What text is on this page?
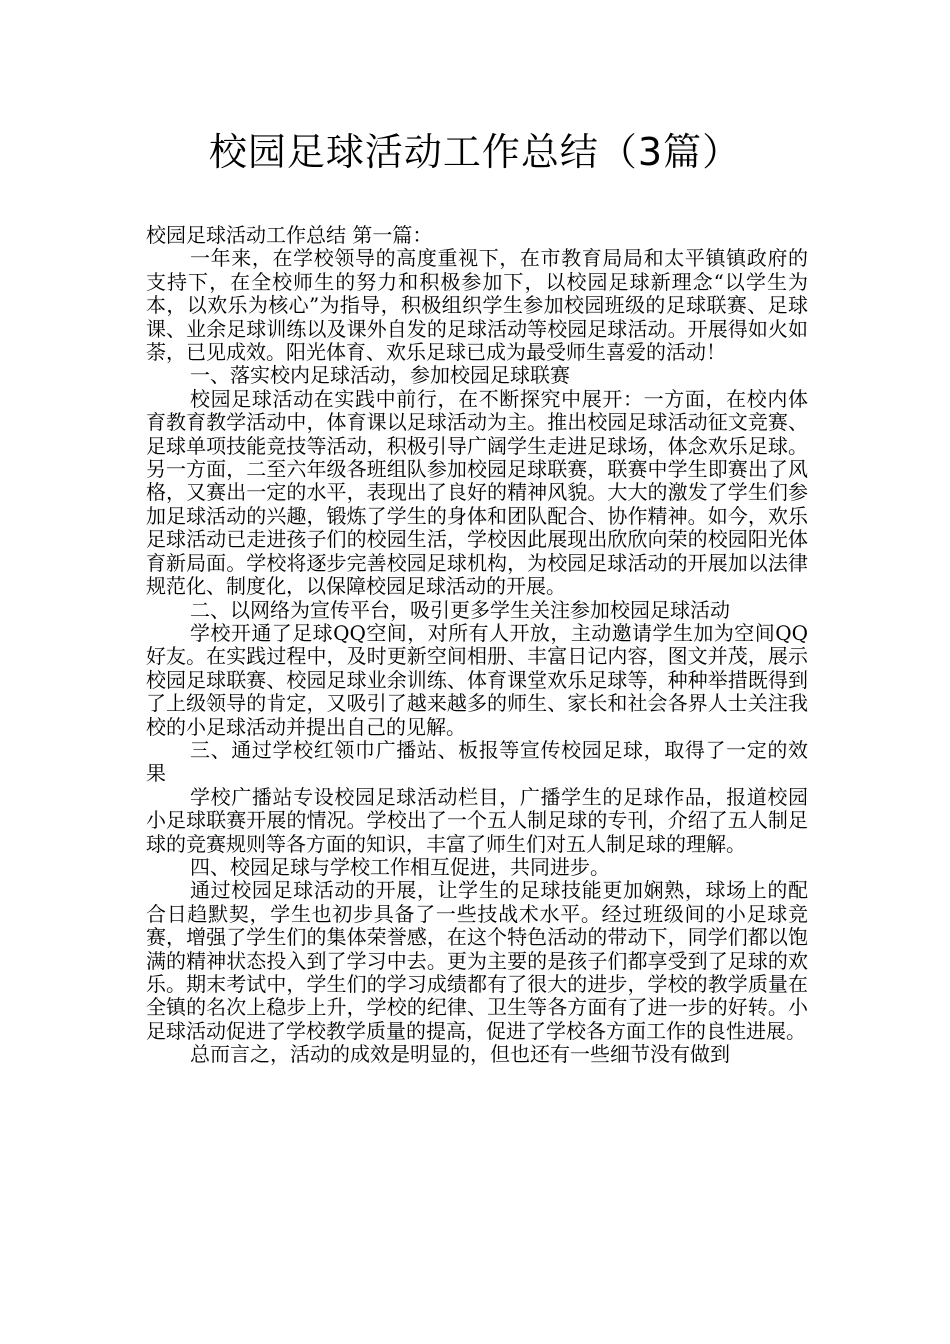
校园足球活动工作总结（3篇）

校园足球活动工作总结 第一篇：

一年来，在学校领导的高度重视下，在市教育局局和太平镇镇政府的支持下，在全校师生的努力和积极参加下，以校园足球新理念“以学生为本，以欢乐为核心”为指导，积极组织学生参加校园班级的足球联赛、足球课、业余足球训练以及课外自发的足球活动等校园足球活动。开展得如火如荼，已见成效。阳光体育、欢乐足球已成为最受师生喜爱的活动！

一、落实校内足球活动，参加校园足球联赛

校园足球活动在实践中前行，在不断探究中展开：一方面，在校内体育教育教学活动中，体育课以足球活动为主。推出校园足球活动征文竞赛、足球单项技能竞技等活动，积极引导广阔学生走进足球场，体念欢乐足球。另一方面，二至六年级各班组队参加校园足球联赛，联赛中学生即赛出了风格，又赛出一定的水平，表现出了良好的精神风貌。大大的激发了学生们参加足球活动的兴趣，锻炼了学生的身体和团队配合、协作精神。如今，欢乐足球活动已走进孩子们的校园生活，学校因此展现出欣欣向荣的校园阳光体育新局面。学校将逐步完善校园足球机构，为校园足球活动的开展加以法律规范化、制度化，以保障校园足球活动的开展。

二、以网络为宣传平台，吸引更多学生关注参加校园足球活动

学校开通了足球QQ空间，对所有人开放，主动邀请学生加为空间QQ好友。在实践过程中，及时更新空间相册、丰富日记内容，图文并茂，展示校园足球联赛、校园足球业余训练、体育课堂欢乐足球等，种种举措既得到了上级领导的肯定，又吸引了越来越多的师生、家长和社会各界人士关注我校的小足球活动并提出自己的见解。

三、通过学校红领巾广播站、板报等宣传校园足球，取得了一定的效果

学校广播站专设校园足球活动栏目，广播学生的足球作品，报道校园小足球联赛开展的情况。学校出了一个五人制足球的专刊，介绍了五人制足球的竞赛规则等各方面的知识，丰富了师生们对五人制足球的理解。

四、校园足球与学校工作相互促进，共同进步。

通过校园足球活动的开展，让学生的足球技能更加娴熟，球场上的配合日趋默契，学生也初步具备了一些技战术水平。经过班级间的小足球竞赛，增强了学生们的集体荣誉感，在这个特色活动的带动下，同学们都以饱满的精神状态投入到了学习中去。更为主要的是孩子们都享受到了足球的欢乐。期末考试中，学生们的学习成绩都有了很大的进步，学校的教学质量在全镇的名次上稳步上升，学校的纪律、卫生等各方面有了进一步的好转。小足球活动促进了学校教学质量的提高，促进了学校各方面工作的良性进展。

总而言之，活动的成效是明显的，但也还有一些细节没有做到
